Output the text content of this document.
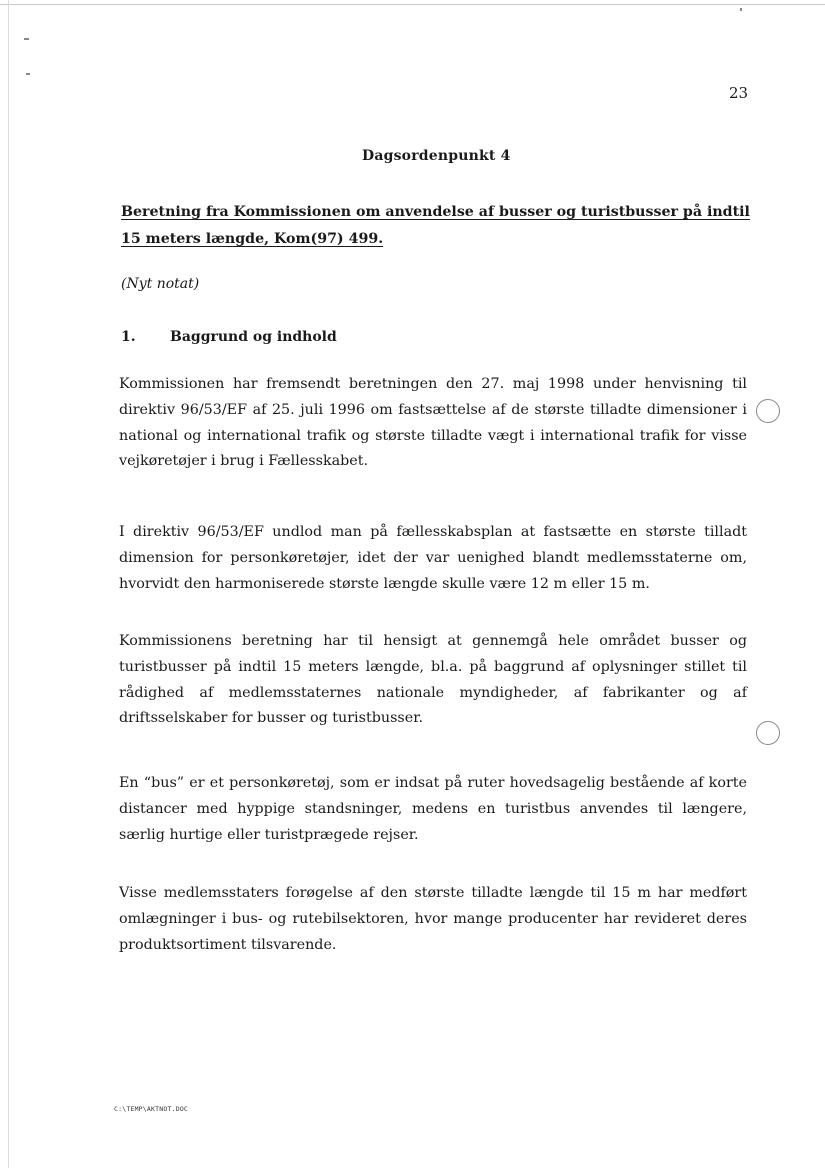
23
Dagsordenpunkt 4
Beretning fra Kommissionen om anvendelse af busser og turistbusser på indtil 15 meters længde, Kom(97) 499.
(Nyt notat)
1. Baggrund og indhold

Kommissionen har fremsendt beretningen den 27. maj 1998 under henvisning til direktiv 96/53/EF af 25. juli 1996 om fastsættelse af de største tilladte dimensioner i national og international trafik og største tilladte vægt i international trafik for visse vejkøretøjer i brug i Fællesskabet.

I direktiv 96/53/EF undlod man på fællesskabsplan at fastsætte en største tilladt dimension for personkøretøjer, idet der var uenighed blandt medlemsstaterne om, hvorvidt den harmoniserede største længde skulle være 12 m eller 15 m.

Kommissionens beretning har til hensigt at gennemgå hele området busser og turistbusser på indtil 15 meters længde, bl.a. på baggrund af oplysninger stillet til rådighed af medlemsstaternes nationale myndigheder, af fabrikanter og af driftsselskaber for busser og turistbusser.

En “bus” er et personkøretøj, som er indsat på ruter hovedsagelig bestående af korte distancer med hyppige standsninger, medens en turistbus anvendes til længere, særlig hurtige eller turistprægede rejser.

Visse medlemsstaters forøgelse af den største tilladte længde til 15 m har medført omlægninger i bus- og rutebilsektoren, hvor mange producenter har revideret deres produktsortiment tilsvarende.

C:\TEMP\AKTNOT.DOC
